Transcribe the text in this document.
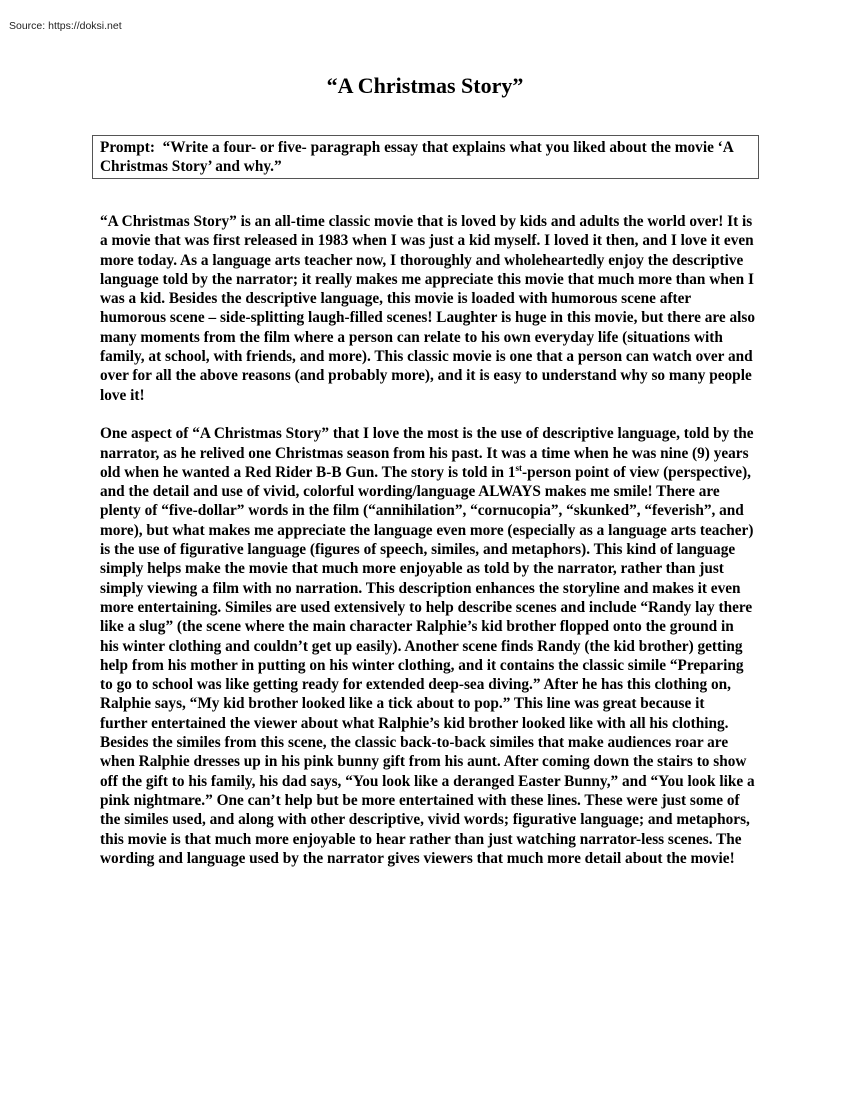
Source: https://doksi.net
“A Christmas Story”
Prompt: “Write a four- or five- paragraph essay that explains what you liked about the movie ‘A Christmas Story’ and why.”

“A Christmas Story” is an all-time classic movie that is loved by kids and adults the world over! It is a movie that was first released in 1983 when I was just a kid myself. I loved it then, and I love it even more today. As a language arts teacher now, I thoroughly and wholeheartedly enjoy the descriptive language told by the narrator; it really makes me appreciate this movie that much more than when I was a kid. Besides the descriptive language, this movie is loaded with humorous scene after humorous scene – side-splitting laugh-filled scenes! Laughter is huge in this movie, but there are also many moments from the film where a person can relate to his own everyday life (situations with family, at school, with friends, and more). This classic movie is one that a person can watch over and over for all the above reasons (and probably more), and it is easy to understand why so many people love it!

One aspect of “A Christmas Story” that I love the most is the use of descriptive language, told by the narrator, as he relived one Christmas season from his past. It was a time when he was nine (9) years old when he wanted a Red Rider B-B Gun. The story is told in 1st-person point of view (perspective), and the detail and use of vivid, colorful wording/language ALWAYS makes me smile! There are plenty of “five-dollar” words in the film (“annihilation”, “cornucopia”, “skunked”, “feverish”, and more), but what makes me appreciate the language even more (especially as a language arts teacher) is the use of figurative language (figures of speech, similes, and metaphors). This kind of language simply helps make the movie that much more enjoyable as told by the narrator, rather than just simply viewing a film with no narration. This description enhances the storyline and makes it even more entertaining. Similes are used extensively to help describe scenes and include “Randy lay there like a slug” (the scene where the main character Ralphie’s kid brother flopped onto the ground in his winter clothing and couldn’t get up easily). Another scene finds Randy (the kid brother) getting help from his mother in putting on his winter clothing, and it contains the classic simile “Preparing to go to school was like getting ready for extended deep-sea diving.” After he has this clothing on, Ralphie says, “My kid brother looked like a tick about to pop.” This line was great because it further entertained the viewer about what Ralphie’s kid brother looked like with all his clothing. Besides the similes from this scene, the classic back-to-back similes that make audiences roar are when Ralphie dresses up in his pink bunny gift from his aunt. After coming down the stairs to show off the gift to his family, his dad says, “You look like a deranged Easter Bunny,” and “You look like a pink nightmare.” One can’t help but be more entertained with these lines. These were just some of the similes used, and along with other descriptive, vivid words; figurative language; and metaphors, this movie is that much more enjoyable to hear rather than just watching narrator-less scenes. The wording and language used by the narrator gives viewers that much more detail about the movie!
